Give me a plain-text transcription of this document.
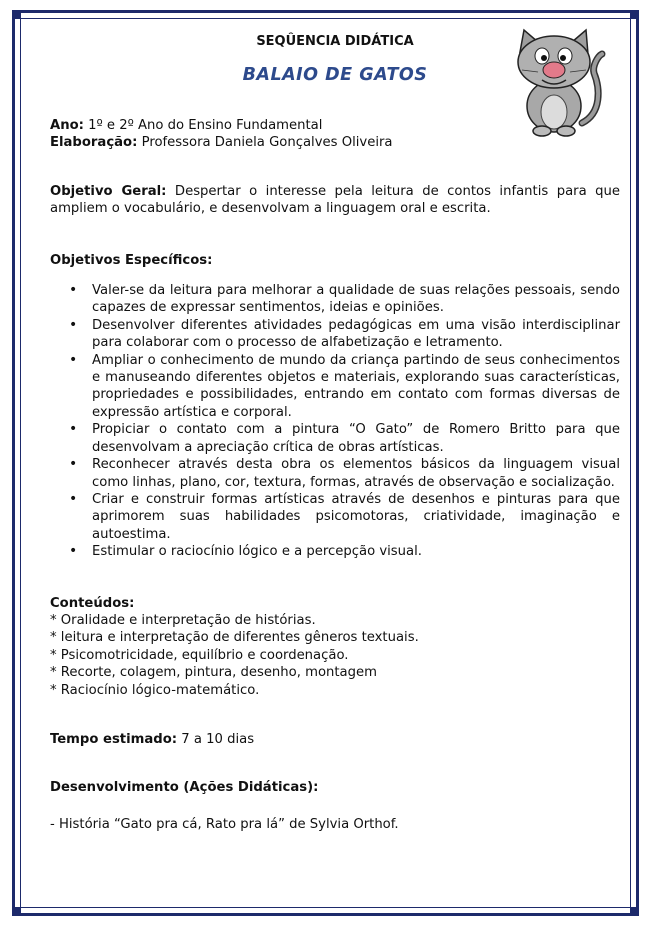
SEQÛENCIA DIDÁTICA
BALAIO DE GATOS

Ano: 1º e 2º Ano do Ensino Fundamental

Elaboração: Professora Daniela Gonçalves Oliveira

Objetivo Geral: Despertar o interesse pela leitura de contos infantis para que ampliem o vocabulário, e desenvolvam a linguagem oral e escrita.

Objetivos Específicos:

• Valer-se da leitura para melhorar a qualidade de suas relações pessoais, sendo capazes de expressar sentimentos, ideias e opiniões.
• Desenvolver diferentes atividades pedagógicas em uma visão interdisciplinar para colaborar com o processo de alfabetização e letramento.
• Ampliar o conhecimento de mundo da criança partindo de seus conhecimentos e manuseando diferentes objetos e materiais, explorando suas características, propriedades e possibilidades, entrando em contato com formas diversas de expressão artística e corporal.
• Propiciar o contato com a pintura “O Gato” de Romero Britto para que desenvolvam a apreciação crítica de obras artísticas.
• Reconhecer através desta obra os elementos básicos da linguagem visual como linhas, plano, cor, textura, formas, através de observação e socialização.
• Criar e construir formas artísticas através de desenhos e pinturas para que aprimorem suas habilidades psicomotoras, criatividade, imaginação e autoestima.
• Estimular o raciocínio lógico e a percepção visual.

Conteúdos:

* Oralidade e interpretação de histórias.

* leitura e interpretação de diferentes gêneros textuais.

* Psicomotricidade, equilíbrio e coordenação.

* Recorte, colagem, pintura, desenho, montagem

* Raciocínio lógico-matemático.

Tempo estimado: 7 a 10 dias

Desenvolvimento (Ações Didáticas):

- História “Gato pra cá, Rato pra lá” de Sylvia Orthof.
